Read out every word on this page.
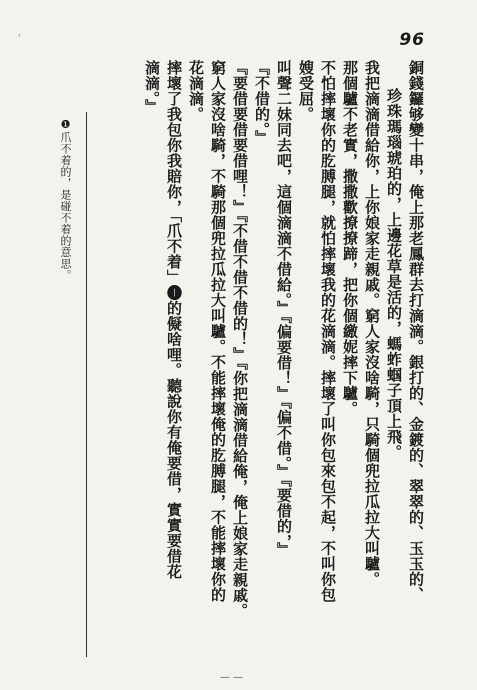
'	96
銅錢鑼够變十串，俺上那老鳳群去打滴滴。銀打的、金鍍的、翠翠的、玉玉的、
珍珠瑪瑙琥珀的，上邊花草是活的，螞蚱蝈子頂上飛。
我把滴滴借給你，上你娘家走親戚。窮人家沒啥騎，只騎個兜拉瓜拉大叫驢。
那個驢不老實，撒撒歡撩撩蹄，把你個繳妮摔下驢。
不怕摔壞你的肐膊腿，就怕摔壞我的花滴滴。摔壞了叫你包來包不起，不叫你包
嫂受屈。
叫聲二妹同去吧，這個滴滴不借給。』『偏要借！』『偏不借。』『要借的，』
『不借的。』
『要借要借要借哩！』『不借不借不借的！』『你把滴滴借給俺，俺上娘家走親戚。
窮人家沒啥騎，不騎那個兜拉瓜拉大叫驢。不能摔壞俺的肐膊腿，不能摔壞你的
花滴滴。
摔壞了我包你我賠你，「爪不着」❶的儗啥哩。聽說你有俺要借，實實要借花
滴滴。』
❶爪不着的，是碰不着的意思。
— —
